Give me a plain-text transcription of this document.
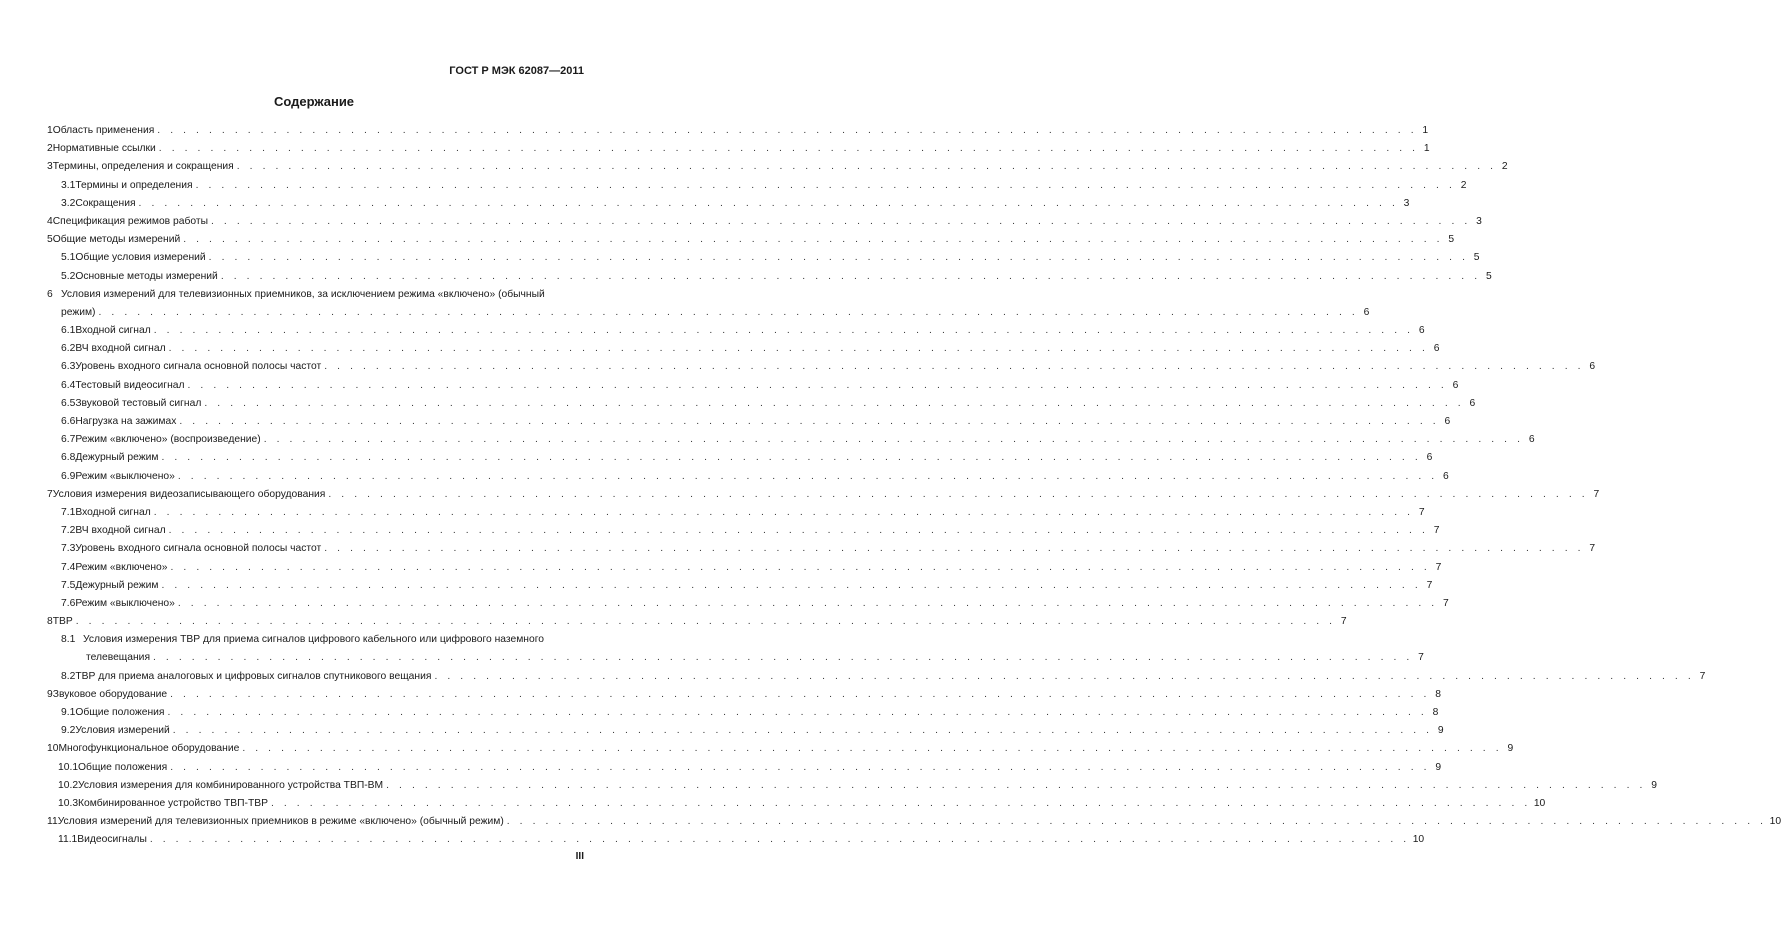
ГОСТ Р МЭК 62087—2011
Содержание
1 Область применения . . .	1
2 Нормативные ссылки . . .	1
3 Термины, определения и сокращения . . .	2
3.1 Термины и определения . . .	2
3.2 Сокращения . . .	3
4 Спецификация режимов работы . . .	3
5 Общие методы измерений . . .	5
5.1 Общие условия измерений . . .	5
5.2 Основные методы измерений . . .	5
6 Условия измерений для телевизионных приемников, за исключением режима «включено» (обычный
режим) . . .	6
6.1 Входной сигнал . . .	6
6.2 ВЧ входной сигнал . . .	6
6.3 Уровень входного сигнала основной полосы частот . . .	6
6.4 Тестовый видеосигнал . . .	6
6.5 Звуковой тестовый сигнал . . .	6
6.6 Нагрузка на зажимах . . .	6
6.7 Режим «включено» (воспроизведение) . . .	6
6.8 Дежурный режим . . .	6
6.9 Режим «выключено» . . .	6
7 Условия измерения видеозаписывающего оборудования . . .	7
7.1 Входной сигнал . . .	7
7.2 ВЧ входной сигнал . . .	7
7.3 Уровень входного сигнала основной полосы частот . . .	7
7.4 Режим «включено» . . .	7
7.5 Дежурный режим . . .	7
7.6 Режим «выключено» . . .	7
8 ТВР . . .	7
8.1 Условия измерения ТВР для приема сигналов цифрового кабельного или цифрового наземного
телевещания . . .	7
8.2 ТВР для приема аналоговых и цифровых сигналов спутникового вещания . . .	7
9 Звуковое оборудование . . .	8
9.1 Общие положения . . .	8
9.2 Условия измерений . . .	9
10 Многофункциональное оборудование . . .	9
10.1 Общие положения . . .	9
10.2 Условия измерения для комбинированного устройства ТВП-ВМ . . .	9
10.3 Комбинированное устройство ТВП-ТВР . . .	10
11 Условия измерений для телевизионных приемников в режиме «включено» (обычный режим) . . .	10
11.1 Видеосигналы . . .	10
III
